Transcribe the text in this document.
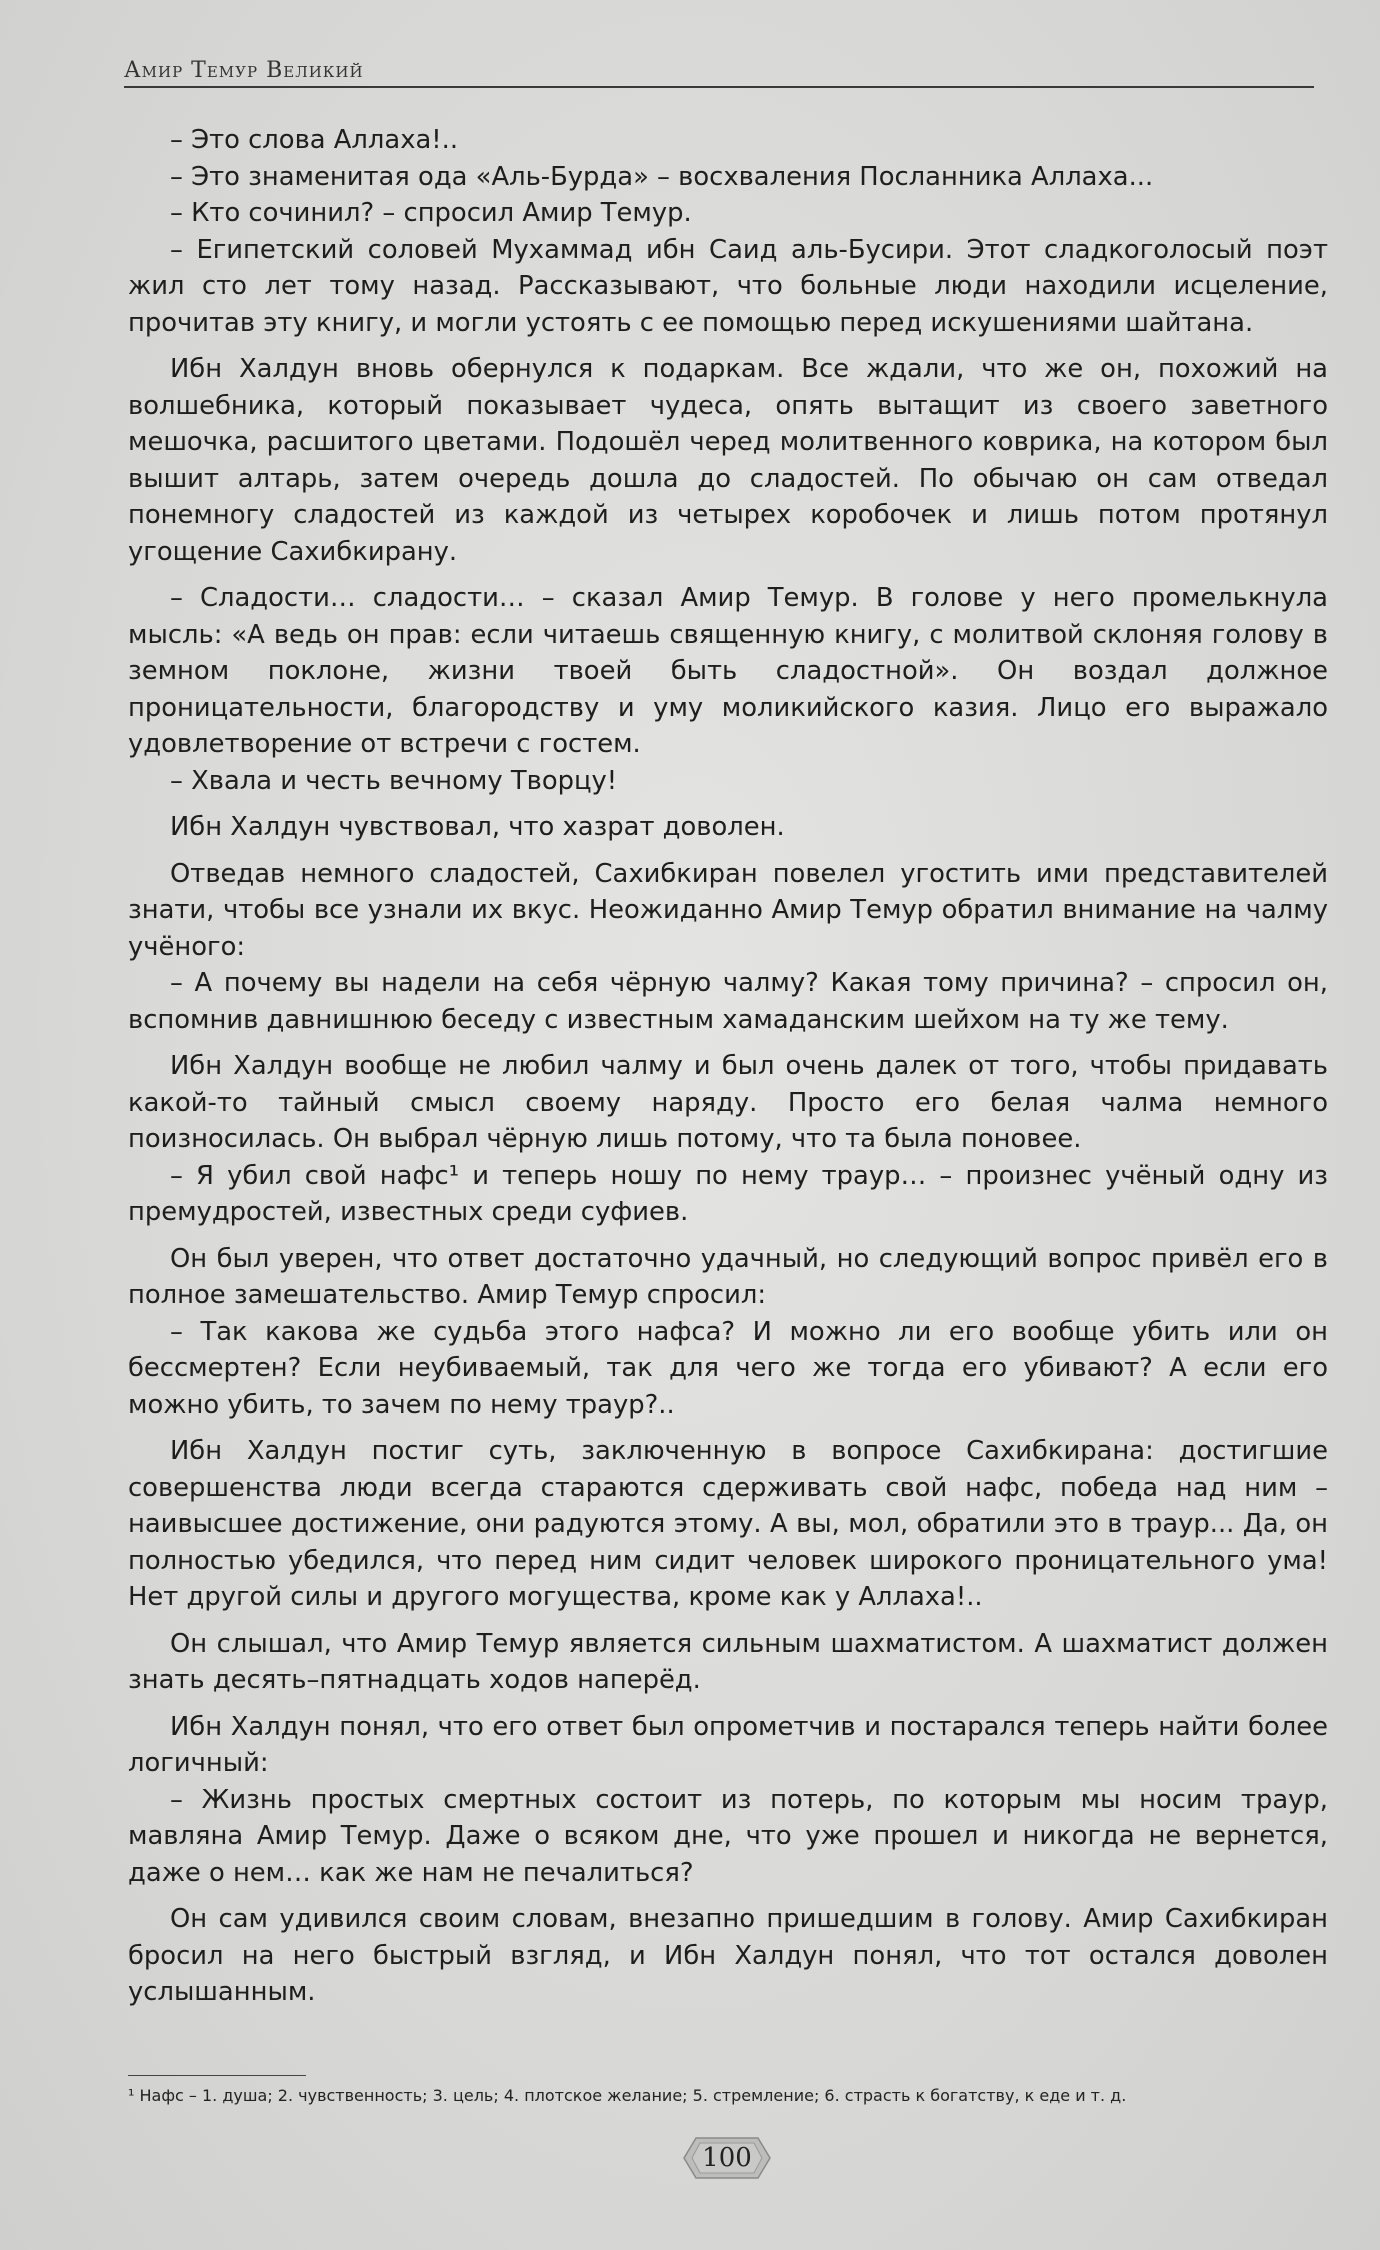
Амир Темур Великий

– Это слова Аллаха!..

– Это знаменитая ода «Аль-Бурда» – восхваления Посланника Аллаха...

– Кто сочинил? – спросил Амир Темур.

– Египетский соловей Мухаммад ибн Саид аль-Бусири. Этот сладкоголосый поэт жил сто лет тому назад. Рассказывают, что больные люди находили исцеление, прочитав эту книгу, и могли устоять с ее помощью перед искушениями шайтана.

Ибн Халдун вновь обернулся к подаркам. Все ждали, что же он, похожий на волшебника, который показывает чудеса, опять вытащит из своего заветного мешочка, расшитого цветами. Подошёл черед молитвенного коврика, на котором был вышит алтарь, затем очередь дошла до сладостей. По обычаю он сам отведал понемногу сладостей из каждой из четырех коробочек и лишь потом протянул угощение Сахибкирану.

– Сладости… сладости… – сказал Амир Темур. В голове у него промелькнула мысль: «А ведь он прав: если читаешь священную книгу, с молитвой склоняя голову в земном поклоне, жизни твоей быть сладостной». Он воздал должное проницательности, благородству и уму моликийского казия. Лицо его выражало удовлетворение от встречи с гостем.

– Хвала и честь вечному Творцу!

Ибн Халдун чувствовал, что хазрат доволен.

Отведав немного сладостей, Сахибкиран повелел угостить ими представителей знати, чтобы все узнали их вкус. Неожиданно Амир Темур обратил внимание на чалму учёного:

– А почему вы надели на себя чёрную чалму? Какая тому причина? – спросил он, вспомнив давнишнюю беседу с известным хамаданским шейхом на ту же тему.

Ибн Халдун вообще не любил чалму и был очень далек от того, чтобы придавать какой-то тайный смысл своему наряду. Просто его белая чалма немного поизносилась. Он выбрал чёрную лишь потому, что та была поновее.

– Я убил свой нафс¹ и теперь ношу по нему траур… – произнес учёный одну из премудростей, известных среди суфиев.

Он был уверен, что ответ достаточно удачный, но следующий вопрос привёл его в полное замешательство. Амир Темур спросил:

– Так какова же судьба этого нафса? И можно ли его вообще убить или он бессмертен? Если неубиваемый, так для чего же тогда его убивают? А если его можно убить, то зачем по нему траур?..

Ибн Халдун постиг суть, заключенную в вопросе Сахибкирана: достигшие совершенства люди всегда стараются сдерживать свой нафс, победа над ним – наивысшее достижение, они радуются этому. А вы, мол, обратили это в траур... Да, он полностью убедился, что перед ним сидит человек широкого проницательного ума! Нет другой силы и другого могущества, кроме как у Аллаха!..

Он слышал, что Амир Темур является сильным шахматистом. А шахматист должен знать десять–пятнадцать ходов наперёд.

Ибн Халдун понял, что его ответ был опрометчив и постарался теперь найти более логичный:

– Жизнь простых смертных состоит из потерь, по которым мы носим траур, мавляна Амир Темур. Даже о всяком дне, что уже прошел и никогда не вернется, даже о нем… как же нам не печалиться?

Он сам удивился своим словам, внезапно пришедшим в голову. Амир Сахибкиран бросил на него быстрый взгляд, и Ибн Халдун понял, что тот остался доволен услышанным.

¹ Нафс – 1. душа; 2. чувственность; 3. цель; 4. плотское желание; 5. стремление; 6. страсть к богатству, к еде и т. д.
100
